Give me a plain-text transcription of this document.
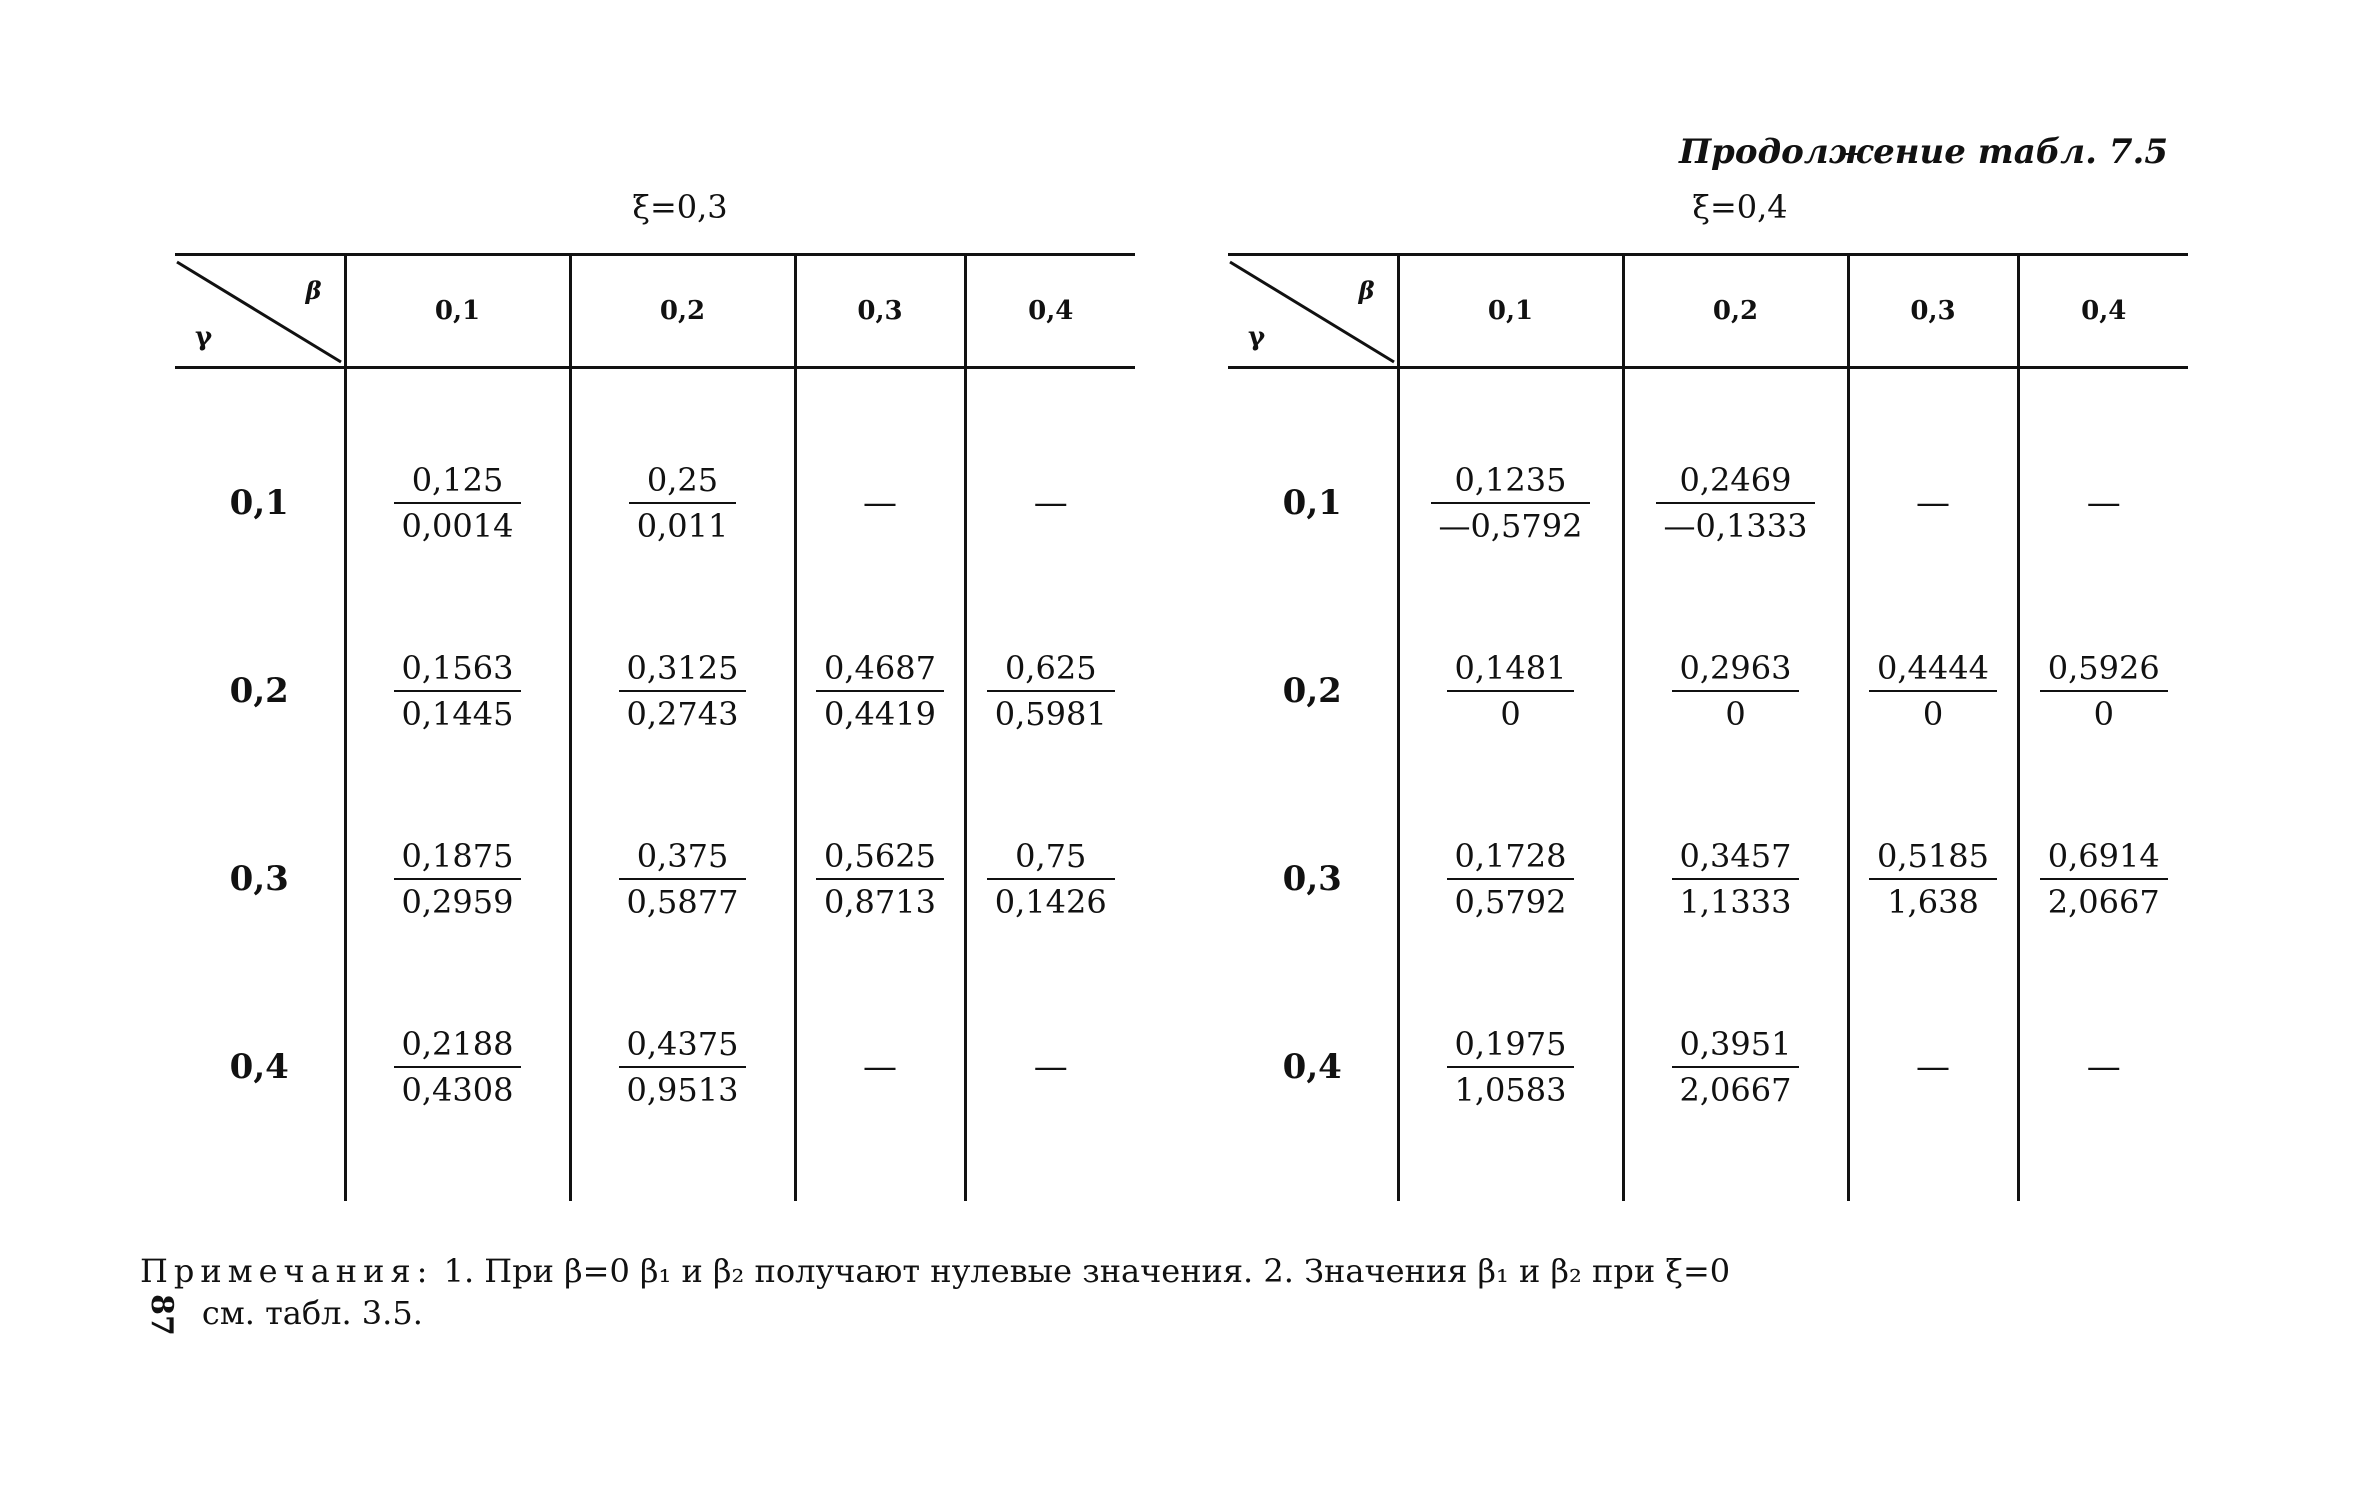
Продолжение табл. 7.5
ξ=0,3	ξ=0,4
β
γ	0,1	0,2	0,3	0,4
0,1	$\frac{0,125}{0,0014}$	$\frac{0,25}{0,011}$	—	—
0,2	$\frac{0,1563}{0,1445}$	$\frac{0,3125}{0,2743}$	$\frac{0,4687}{0,4419}$	$\frac{0,625}{0,5981}$

0,3	$\frac{0,1875}{0,2959}$	$\frac{0,375}{0,5877}$	$\frac{0,5625}{0,8713}$	$\frac{0,75}{0,1426}$

0,4	$\frac{0,2188}{0,4308}$	$\frac{0,4375}{0,9513}$	—	—
β
γ	0,1	0,2	0,3	0,4
0,1	$\frac{0,1235}{—0,5792}$	$\frac{0,2469}{—0,1333}$	—	—
0,2	$\frac{0,1481}{0}$	$\frac{0,2963}{0}$	$\frac{0,4444}{0}$	$\frac{0,5926}{0}$

0,3	$\frac{0,1728}{0,5792}$	$\frac{0,3457}{1,1333}$	$\frac{0,5185}{1,638}$	$\frac{0,6914}{2,0667}$

0,4	$\frac{0,1975}{1,0583}$	$\frac{0,3951}{2,0667}$	—	—
Примечания: 1. При β=0 β₁ и β₂ получают нулевые значения. 2. Значения β₁ и β₂ при ξ=0
87 см. табл. 3.5.
